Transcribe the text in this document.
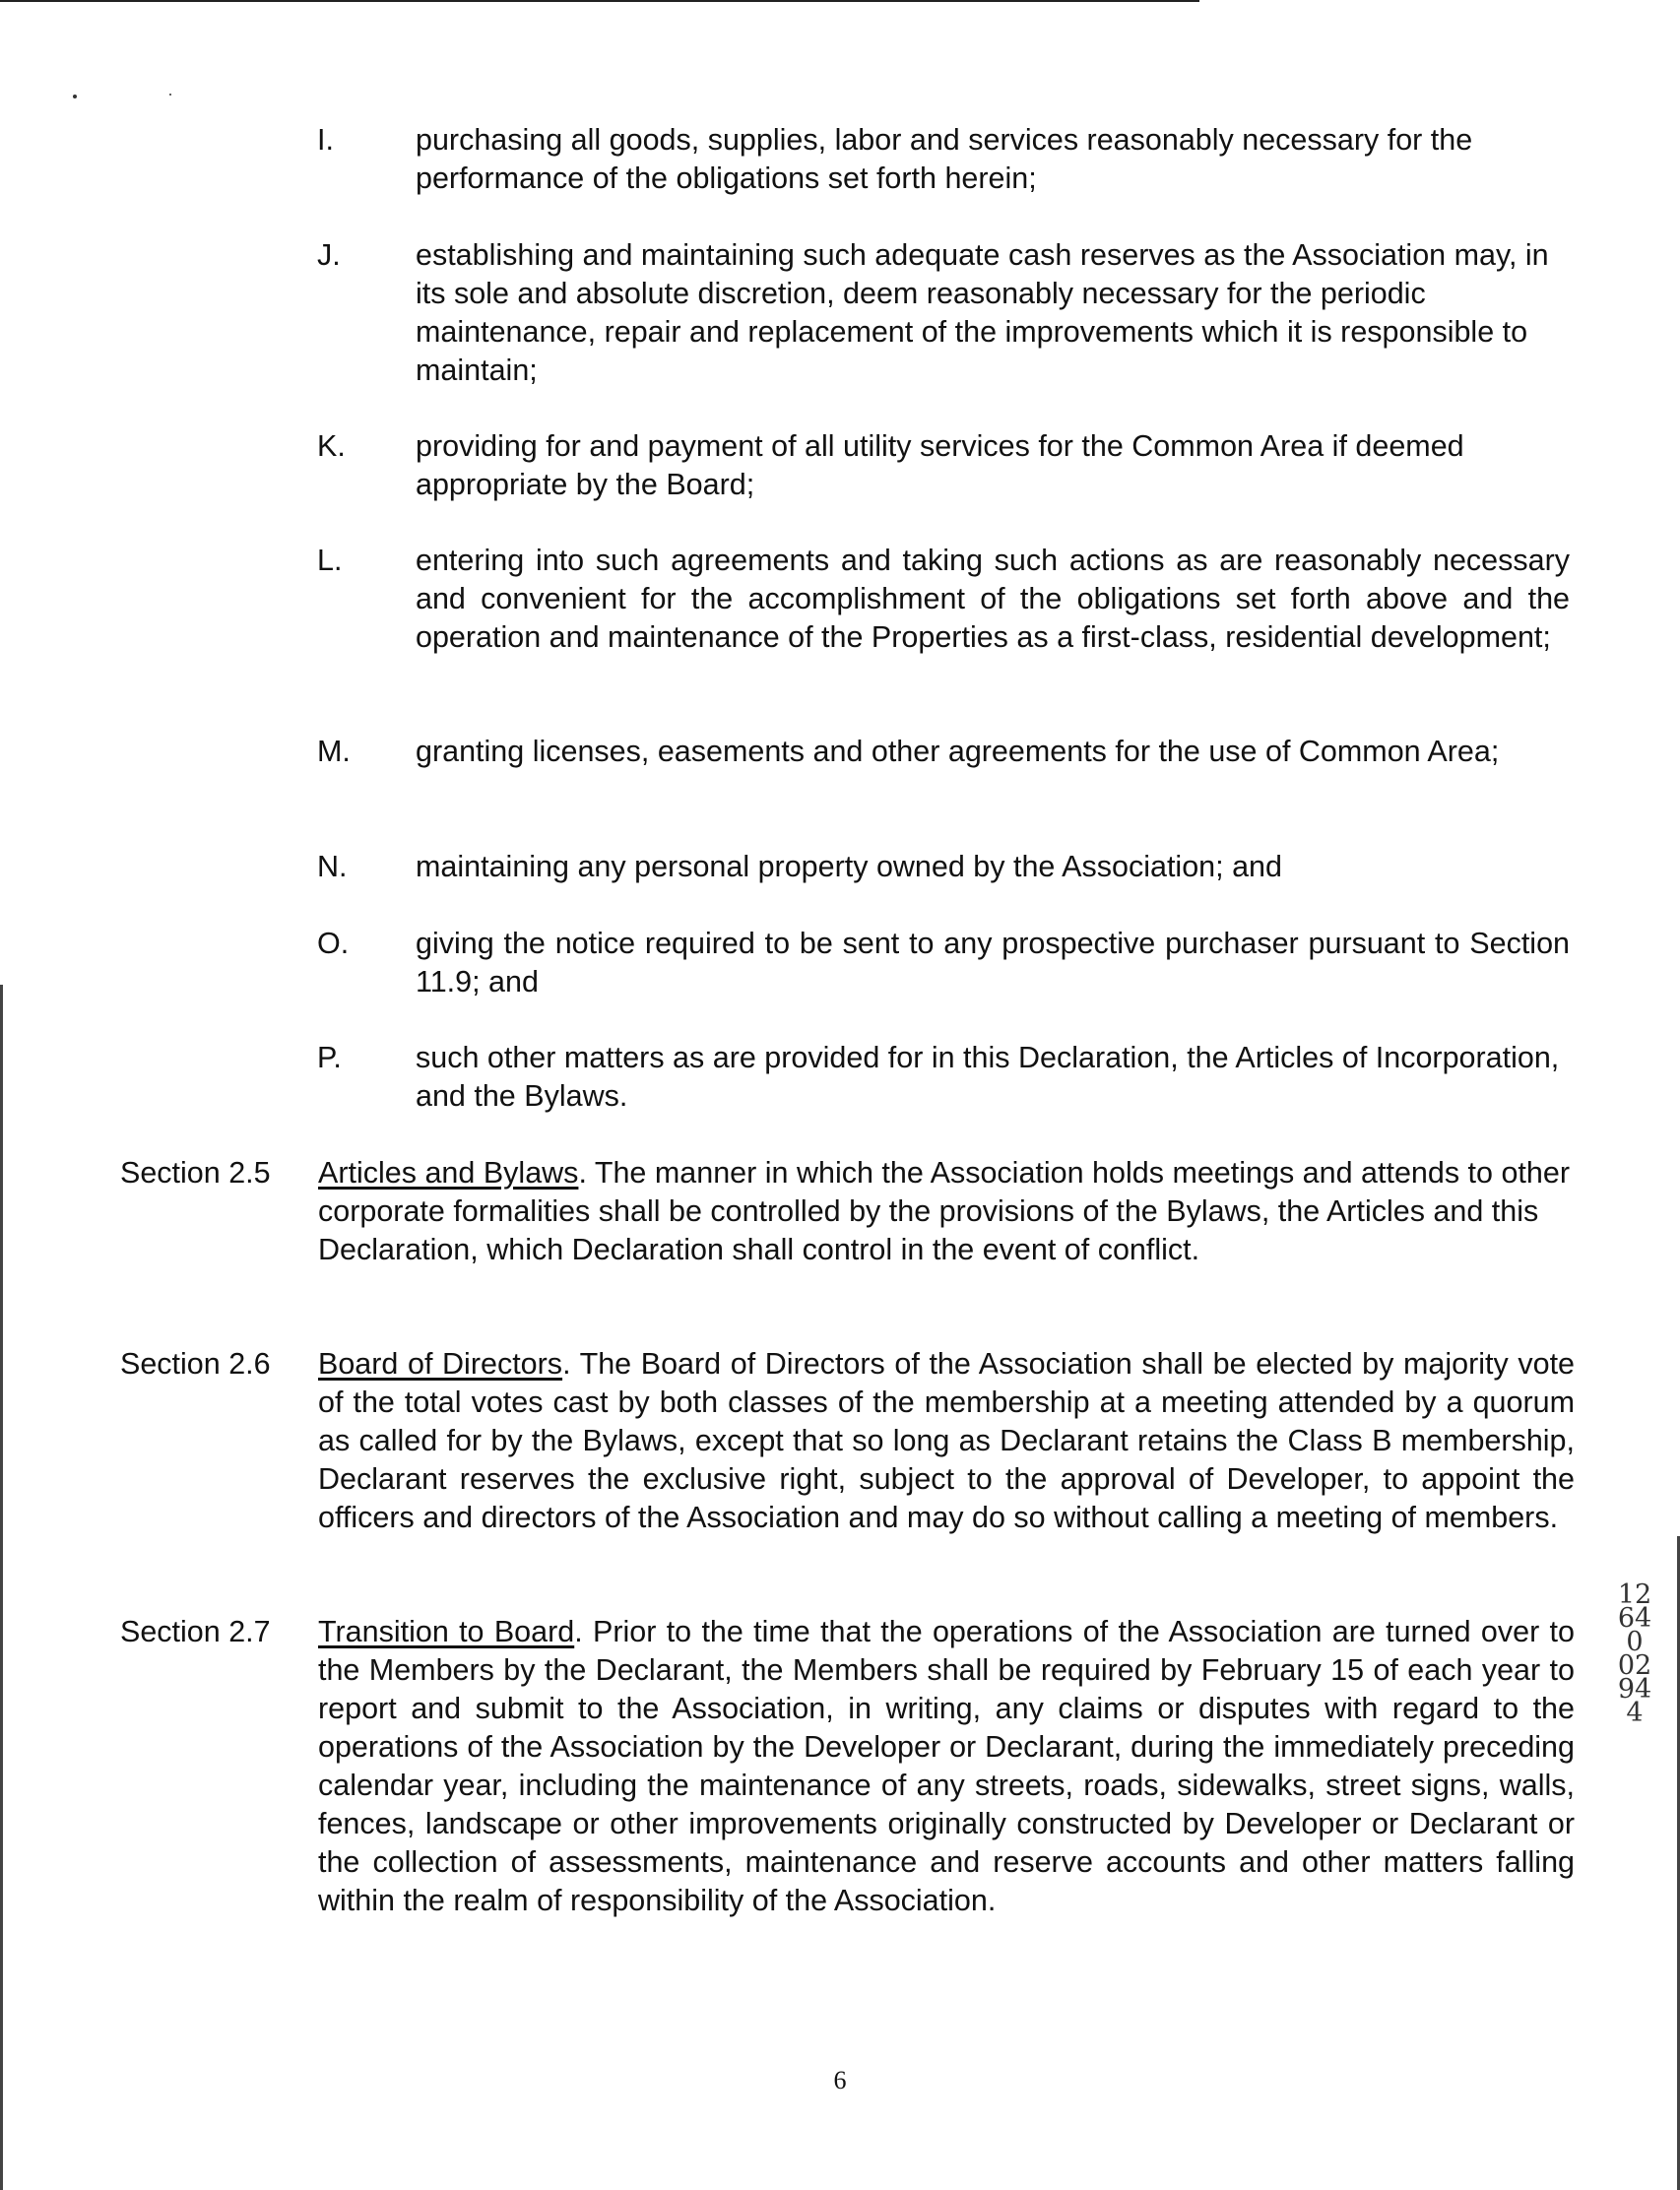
I.	purchasing all goods, supplies, labor and services reasonably necessary for the performance of the obligations set forth herein;
J.	establishing and maintaining such adequate cash reserves as the Association may, in its sole and absolute discretion, deem reasonably necessary for the periodic maintenance, repair and replacement of the improvements which it is responsible to maintain;
K.	providing for and payment of all utility services for the Common Area if deemed appropriate by the Board;
L.	entering into such agreements and taking such actions as are reasonably necessary and convenient for the accomplishment of the obligations set forth above and the operation and maintenance of the Properties as a first-class, residential development;
M.	granting licenses, easements and other agreements for the use of Common Area;
N.	maintaining any personal property owned by the Association; and
O.	giving the notice required to be sent to any prospective purchaser pursuant to Section 11.9; and
P.	such other matters as are provided for in this Declaration, the Articles of Incorporation, and the Bylaws.
Section 2.5	Articles and Bylaws. The manner in which the Association holds meetings and attends to other corporate formalities shall be controlled by the provisions of the Bylaws, the Articles and this Declaration, which Declaration shall control in the event of conflict.
Section 2.6	Board of Directors. The Board of Directors of the Association shall be elected by majority vote of the total votes cast by both classes of the membership at a meeting attended by a quorum as called for by the Bylaws, except that so long as Declarant retains the Class B membership, Declarant reserves the exclusive right, subject to the approval of Developer, to appoint the officers and directors of the Association and may do so without calling a meeting of members.
Section 2.7	Transition to Board. Prior to the time that the operations of the Association are turned over to the Members by the Declarant, the Members shall be required by February 15 of each year to report and submit to the Association, in writing, any claims or disputes with regard to the operations of the Association by the Developer or Declarant, during the immediately preceding calendar year, including the maintenance of any streets, roads, sidewalks, street signs, walls, fences, landscape or other improvements originally constructed by Developer or Declarant or the collection of assessments, maintenance and reserve accounts and other matters falling within the realm of responsibility of the Association.
6
12640 02944
